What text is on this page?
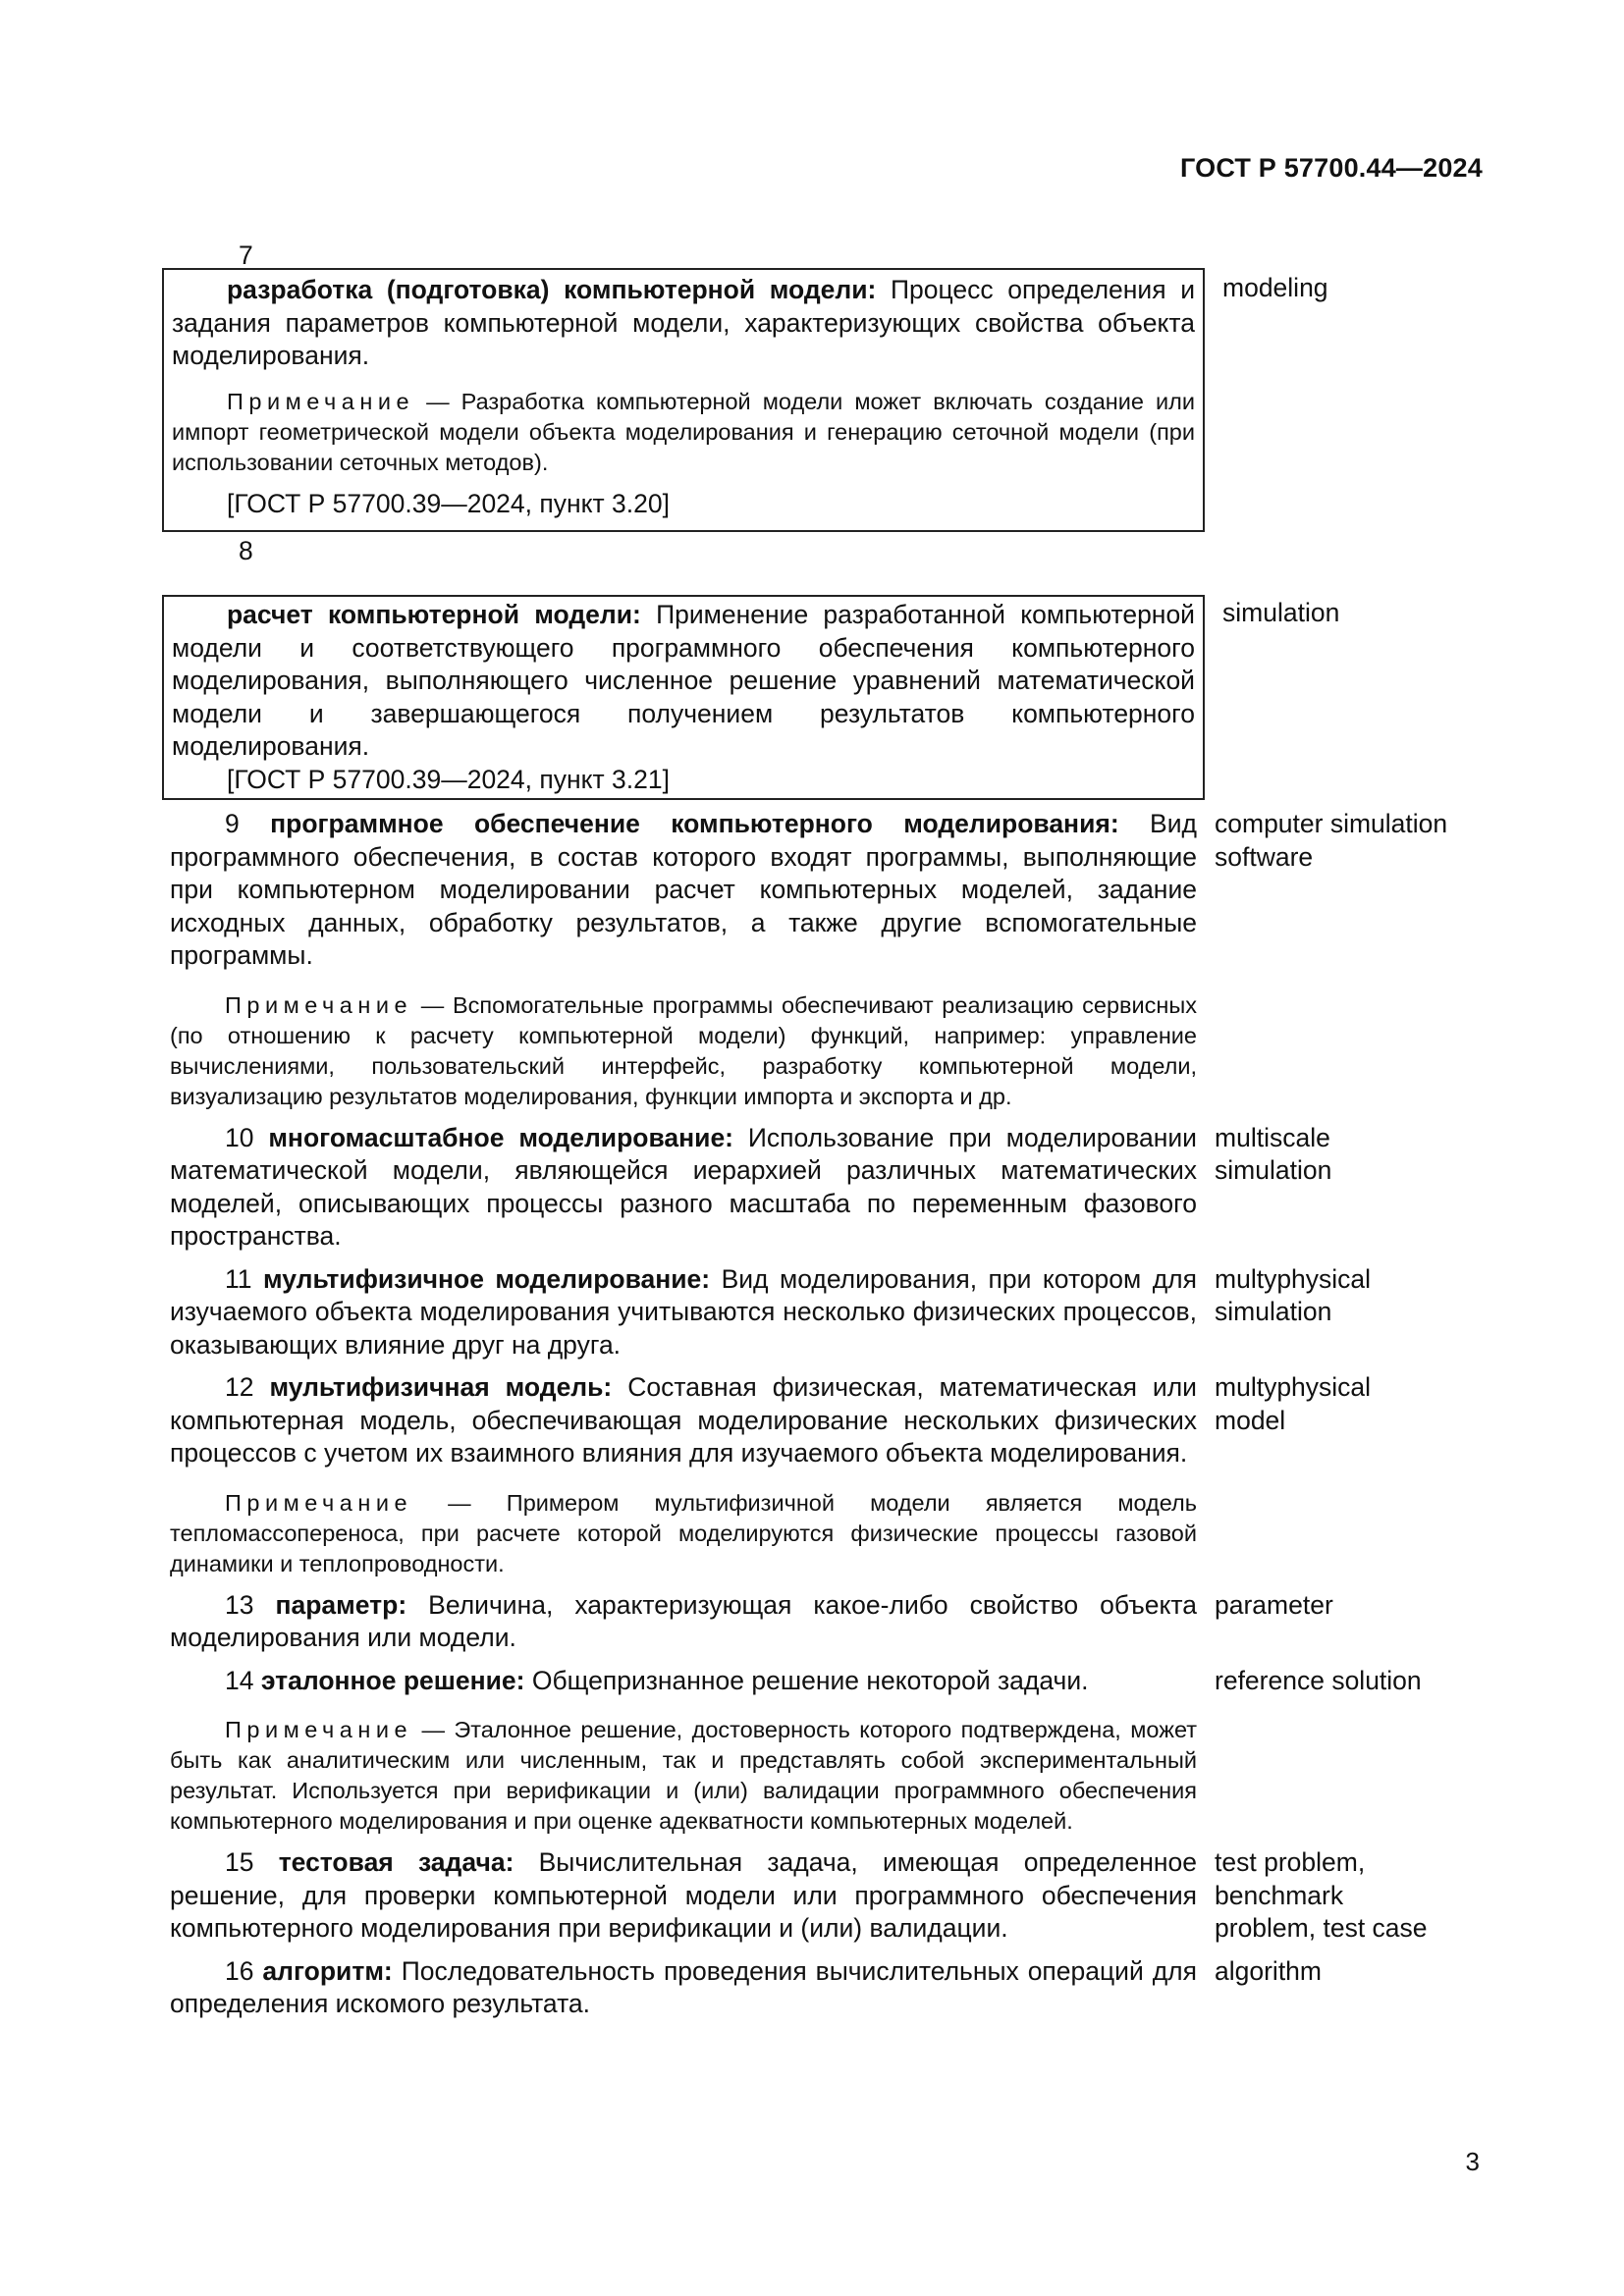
ГОСТ Р 57700.44—2024
7

разработка (подготовка) компьютерной модели: Процесс определения и задания параметров компьютерной модели, характеризующих свойства объекта моделирования.

Примечание — Разработка компьютерной модели может включать создание или импорт геометрической модели объекта моделирования и генерацию сеточной модели (при использовании сеточных методов).

[ГОСТ Р 57700.39—2024, пункт 3.20]

modeling
8

расчет компьютерной модели: Применение разработанной компьютерной модели и соответствующего программного обеспечения компьютерного моделирования, выполняющего численное решение уравнений математической модели и завершающегося получением результатов компьютерного моделирования.

[ГОСТ Р 57700.39—2024, пункт 3.21]

simulation

9 программное обеспечение компьютерного моделирования: Вид программного обеспечения, в состав которого входят программы, выполняющие при компьютерном моделировании расчет компьютерных моделей, задание исходных данных, обработку результатов, а также другие вспомогательные программы.

Примечание — Вспомогательные программы обеспечивают реализацию сервисных (по отношению к расчету компьютерной модели) функций, например: управление вычислениями, пользовательский интерфейс, разработку компьютерной модели, визуализацию результатов моделирования, функции импорта и экспорта и др.

computer simulation software

10 многомасштабное моделирование: Использование при моделировании математической модели, являющейся иерархией различных математических моделей, описывающих процессы разного масштаба по переменным фазового пространства.

multiscale simulation

11 мультифизичное моделирование: Вид моделирования, при котором для изучаемого объекта моделирования учитываются несколько физических процессов, оказывающих влияние друг на друга.

multyphysical simulation

12 мультифизичная модель: Составная физическая, математическая или компьютерная модель, обеспечивающая моделирование нескольких физических процессов с учетом их взаимного влияния для изучаемого объекта моделирования.

Примечание — Примером мультифизичной модели является модель тепломассопереноса, при расчете которой моделируются физические процессы газовой динамики и теплопроводности.

multyphysical model

13 параметр: Величина, характеризующая какое-либо свойство объекта моделирования или модели.

parameter

14 эталонное решение: Общепризнанное решение некоторой задачи.

Примечание — Эталонное решение, достоверность которого подтверждена, может быть как аналитическим или численным, так и представлять собой экспериментальный результат. Используется при верификации и (или) валидации программного обеспечения компьютерного моделирования и при оценке адекватности компьютерных моделей.

reference solution

15 тестовая задача: Вычислительная задача, имеющая определенное решение, для проверки компьютерной модели или программного обеспечения компьютерного моделирования при верификации и (или) валидации.

test problem, benchmark problem, test case

16 алгоритм: Последовательность проведения вычислительных операций для определения искомого результата.

algorithm
3
